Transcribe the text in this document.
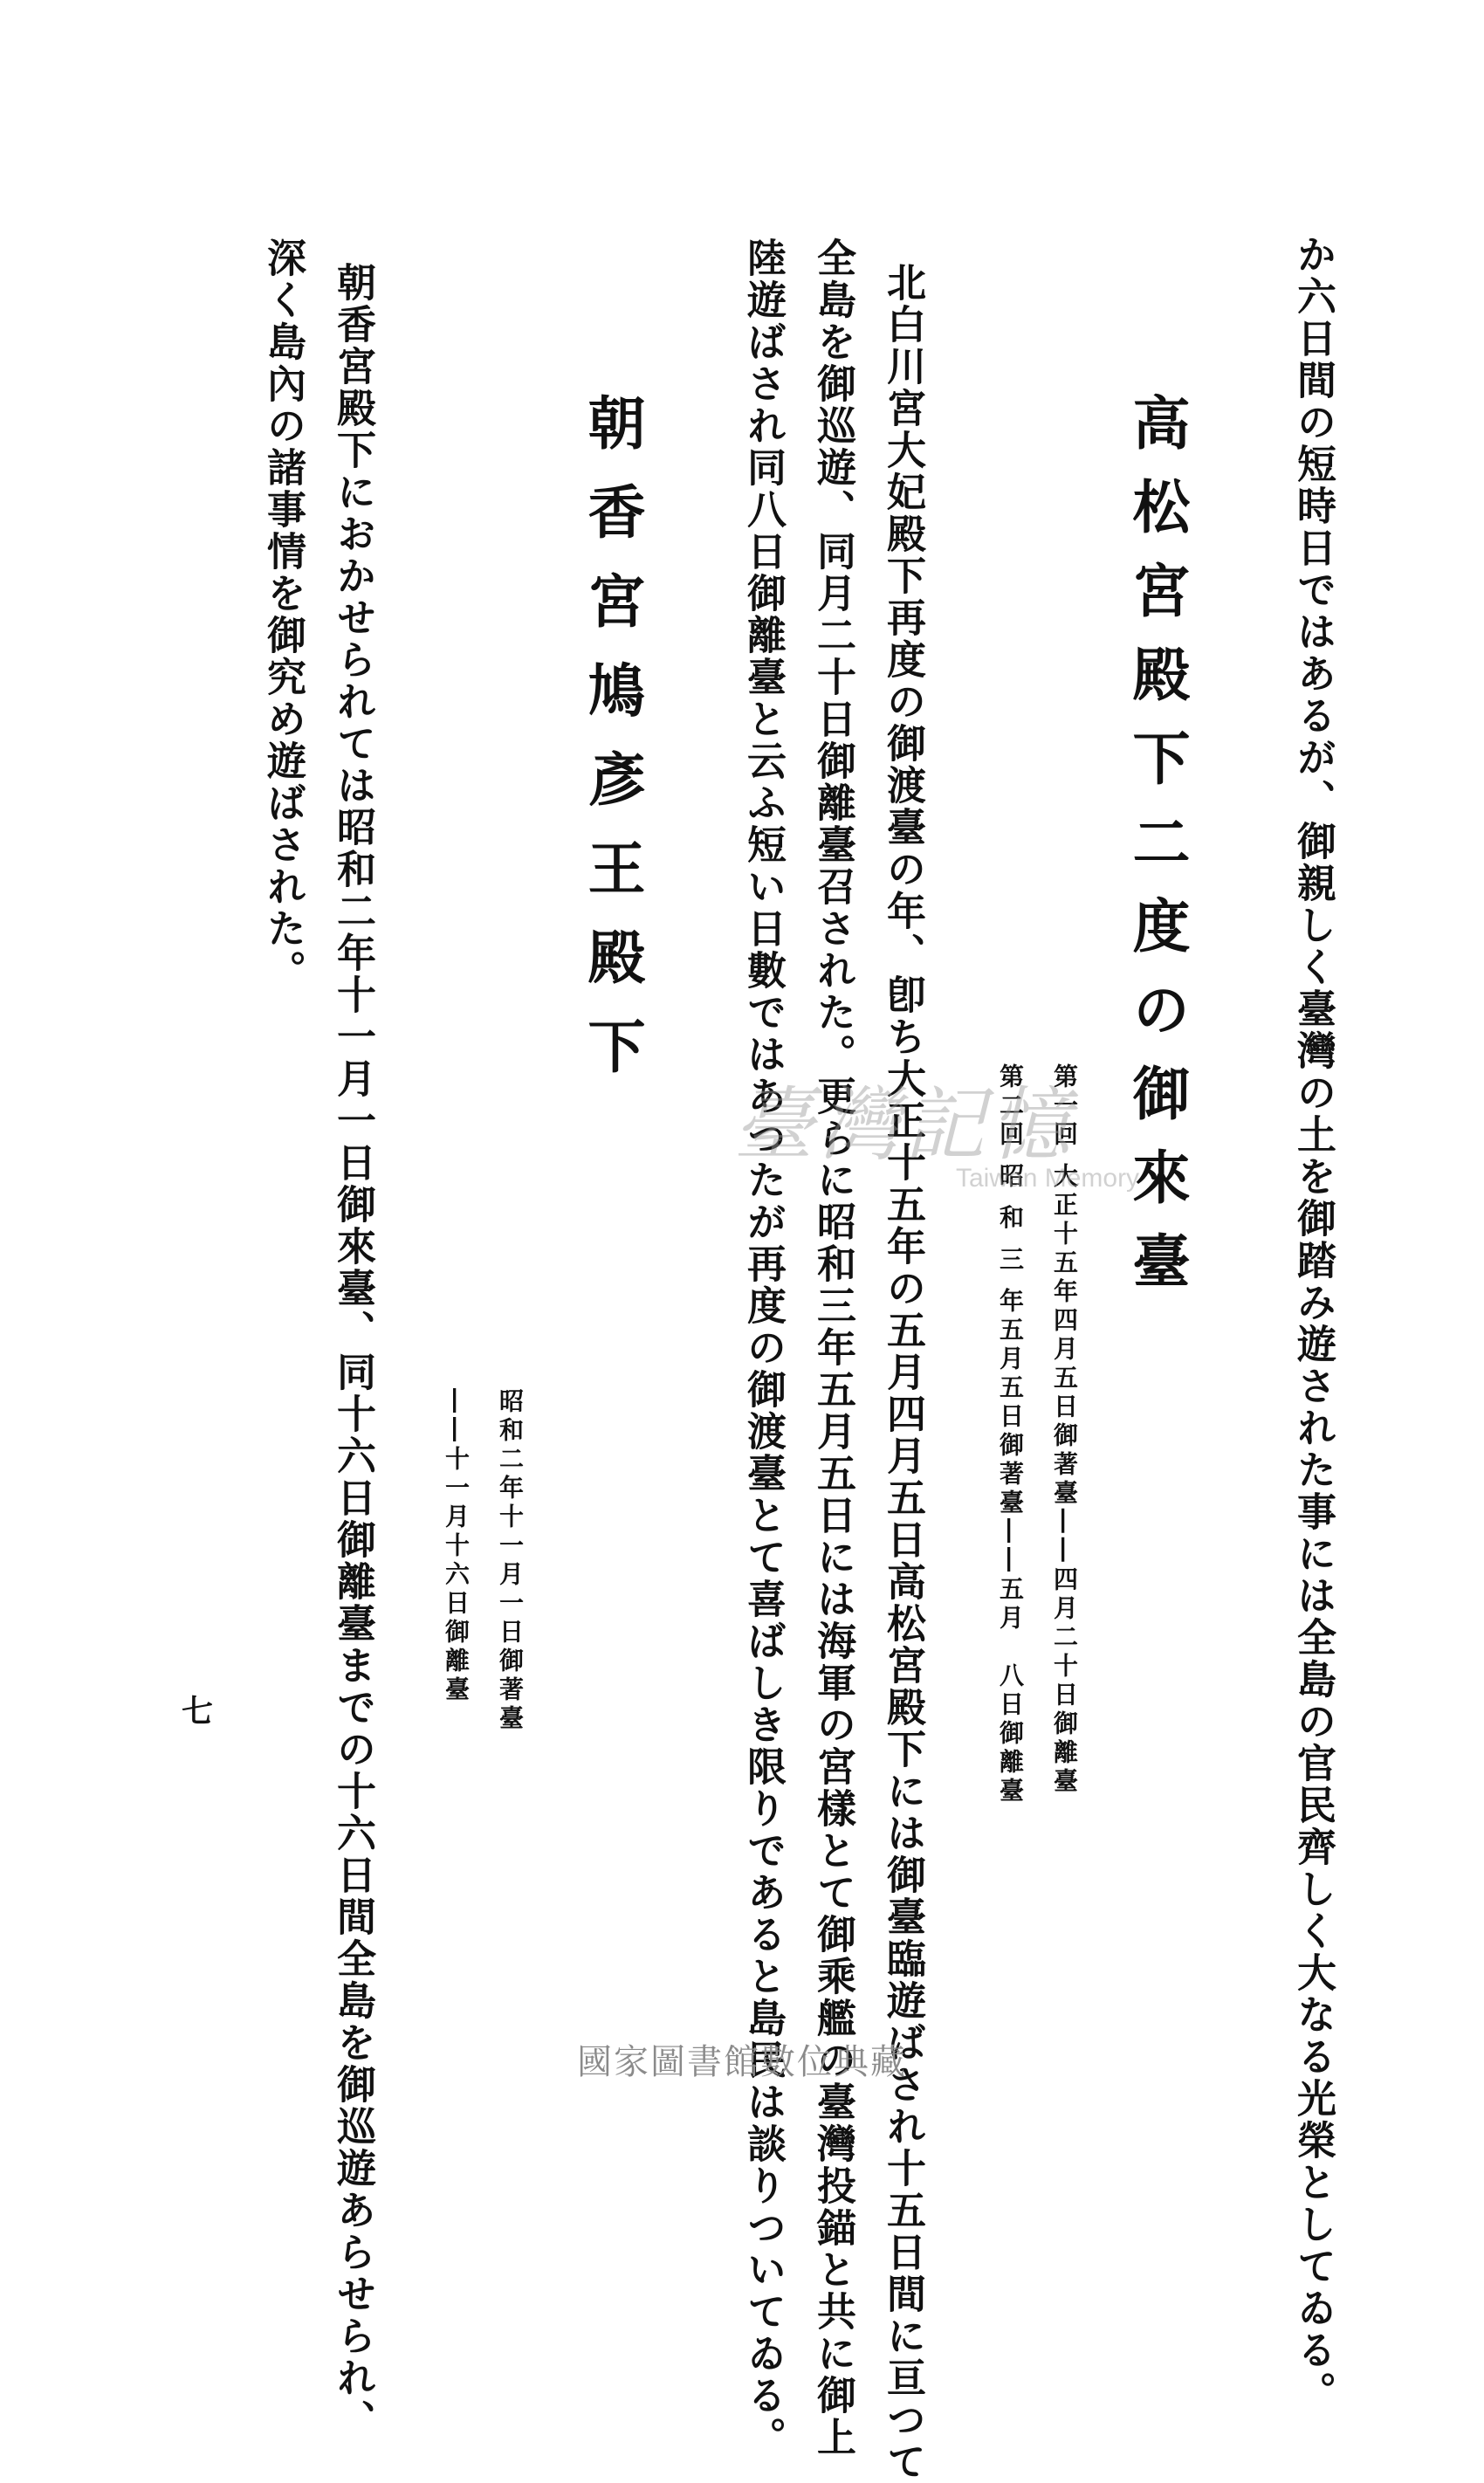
か六日間の短時日ではあるが、御親しく臺灣の土を御踏み遊された事には全島の官民齊しく大なる光榮としてゐる。
高松宮殿下二度の御來臺
第一回 大正十五年四月五日御著臺――四月二十日御離臺
第二回 昭 和 三 年五月五日御著臺――五月　八日御離臺
北白川宮大妃殿下再度の御渡臺の年、卽ち大正十五年の五月四月五日高松宮殿下には御臺臨遊ばされ十五日間に亘つて
全島を御巡遊、同月二十日御離臺召された。更らに昭和三年五月五日には海軍の宮樣とて御乘艦の臺灣投錨と共に御上
陸遊ばされ同八日御離臺と云ふ短い日數ではあつたが再度の御渡臺とて喜ばしき限りであると島民は談りついてゐる。
朝香宮鳩彥王殿下
昭和二年十一月一日御著臺
――十一月十六日御離臺
朝香宮殿下におかせられては昭和二年十一月一日御來臺、同十六日御離臺までの十六日間全島を御巡遊あらせられ、
深く島內の諸事情を御究め遊ばされた。
七
臺灣記憶
Taiwan Memory
國家圖書館數位典藏
